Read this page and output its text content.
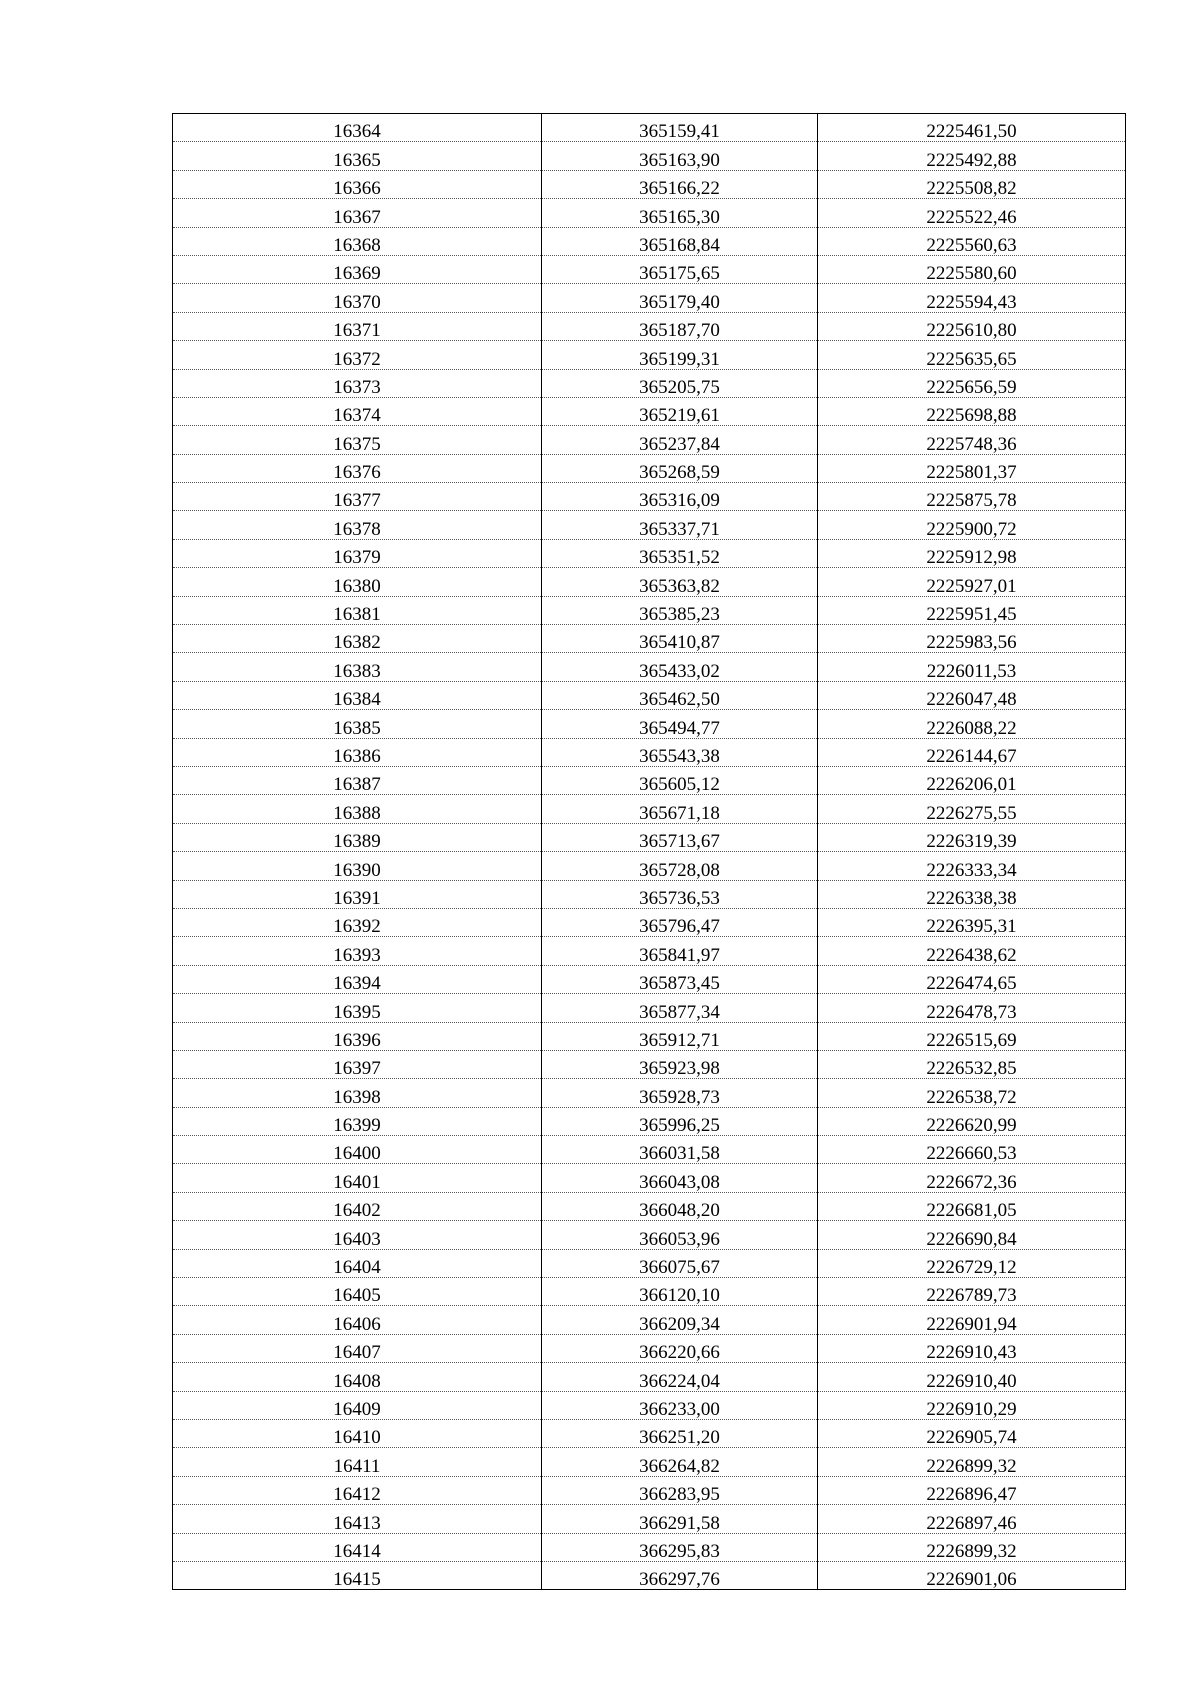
16364	365159,41	2225461,50
16365	365163,90	2225492,88
16366	365166,22	2225508,82
16367	365165,30	2225522,46
16368	365168,84	2225560,63
16369	365175,65	2225580,60
16370	365179,40	2225594,43
16371	365187,70	2225610,80
16372	365199,31	2225635,65
16373	365205,75	2225656,59
16374	365219,61	2225698,88
16375	365237,84	2225748,36
16376	365268,59	2225801,37
16377	365316,09	2225875,78
16378	365337,71	2225900,72
16379	365351,52	2225912,98
16380	365363,82	2225927,01
16381	365385,23	2225951,45
16382	365410,87	2225983,56
16383	365433,02	2226011,53
16384	365462,50	2226047,48
16385	365494,77	2226088,22
16386	365543,38	2226144,67
16387	365605,12	2226206,01
16388	365671,18	2226275,55
16389	365713,67	2226319,39
16390	365728,08	2226333,34
16391	365736,53	2226338,38
16392	365796,47	2226395,31
16393	365841,97	2226438,62
16394	365873,45	2226474,65
16395	365877,34	2226478,73
16396	365912,71	2226515,69
16397	365923,98	2226532,85
16398	365928,73	2226538,72
16399	365996,25	2226620,99
16400	366031,58	2226660,53
16401	366043,08	2226672,36
16402	366048,20	2226681,05
16403	366053,96	2226690,84
16404	366075,67	2226729,12
16405	366120,10	2226789,73
16406	366209,34	2226901,94
16407	366220,66	2226910,43
16408	366224,04	2226910,40
16409	366233,00	2226910,29
16410	366251,20	2226905,74
16411	366264,82	2226899,32
16412	366283,95	2226896,47
16413	366291,58	2226897,46
16414	366295,83	2226899,32
16415	366297,76	2226901,06
